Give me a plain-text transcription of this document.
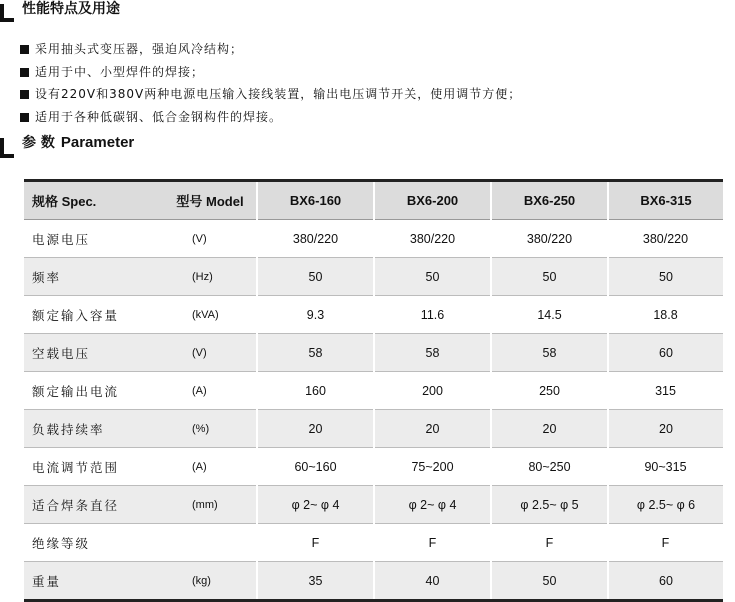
性能特点及用途
采用抽头式变压器，强迫风冷结构；
适用于中、小型焊件的焊接；
设有220V和380V两种电源电压输入接线装置，输出电压调节开关，使用调节方便；
适用于各种低碳钢、低合金钢构件的焊接。
参 数 Parameter
规格 Spec.	型号 Model	BX6-160	BX6-200	BX6-250	BX6-315
电源电压	(V)	380/220	380/220	380/220	380/220
频率	(Hz)	50	50	50	50
额定输入容量	(kVA)	9.3	11.6	14.5	18.8
空载电压	(V)	58	58	58	60
额定输出电流	(A)	160	200	250	315
负载持续率	(%)	20	20	20	20
电流调节范围	(A)	60~160	75~200	80~250	90~315
适合焊条直径	(mm)	φ 2~ φ 4	φ 2~ φ 4	φ 2.5~ φ 5	φ 2.5~ φ 6
绝缘等级		F	F	F	F
重量	(kg)	35	40	50	60
